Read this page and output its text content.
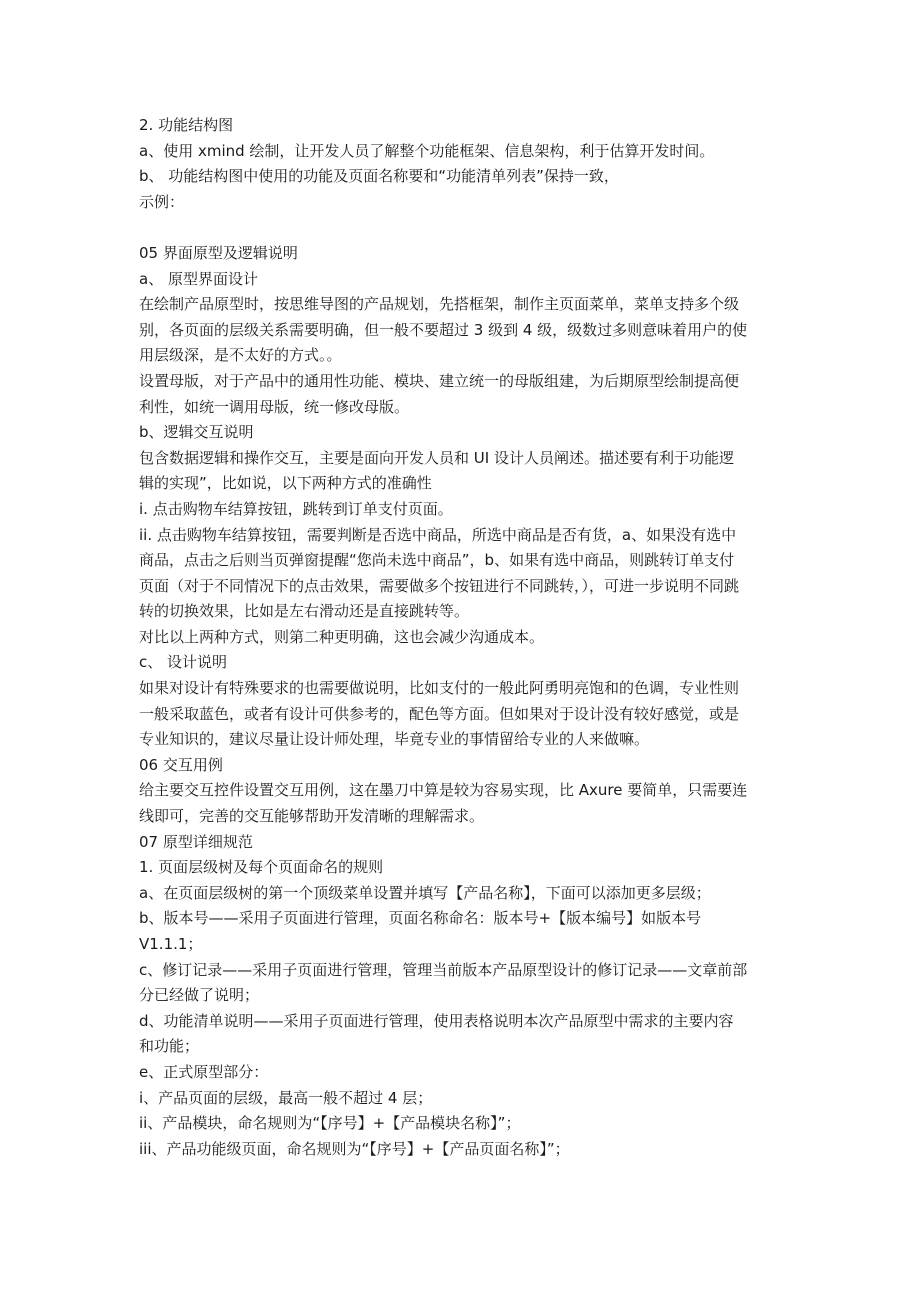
2. 功能结构图
a、使用 xmind 绘制，让开发人员了解整个功能框架、信息架构，利于估算开发时间。
b、 功能结构图中使用的功能及页面名称要和“功能清单列表”保持一致，
示例：
05 界面原型及逻辑说明
a、 原型界面设计
在绘制产品原型时，按思维导图的产品规划，先搭框架，制作主页面菜单，菜单支持多个级
别，各页面的层级关系需要明确，但一般不要超过 3 级到 4 级，级数过多则意味着用户的使
用层级深，是不太好的方式。。
设置母版，对于产品中的通用性功能、模块、建立统一的母版组建，为后期原型绘制提高便
利性，如统一调用母版，统一修改母版。
b、逻辑交互说明
包含数据逻辑和操作交互，主要是面向开发人员和 UI 设计人员阐述。描述要有利于功能逻
辑的实现”，比如说，以下两种方式的准确性
i. 点击购物车结算按钮，跳转到订单支付页面。
ii. 点击购物车结算按钮，需要判断是否选中商品，所选中商品是否有货，a、如果没有选中
商品，点击之后则当页弹窗提醒“您尚未选中商品”，b、如果有选中商品，则跳转订单支付
页面（对于不同情况下的点击效果，需要做多个按钮进行不同跳转，），可进一步说明不同跳
转的切换效果，比如是左右滑动还是直接跳转等。
对比以上两种方式，则第二种更明确，这也会减少沟通成本。
c、 设计说明
如果对设计有特殊要求的也需要做说明，比如支付的一般此阿勇明亮饱和的色调，专业性则
一般采取蓝色，或者有设计可供参考的，配色等方面。但如果对于设计没有较好感觉，或是
专业知识的，建议尽量让设计师处理，毕竟专业的事情留给专业的人来做嘛。
06 交互用例
给主要交互控件设置交互用例，这在墨刀中算是较为容易实现，比 Axure 要简单，只需要连
线即可，完善的交互能够帮助开发清晰的理解需求。
07 原型详细规范
1. 页面层级树及每个页面命名的规则
a、在页面层级树的第一个顶级菜单设置并填写【产品名称】，下面可以添加更多层级；
b、版本号——采用子页面进行管理，页面名称命名：版本号+【版本编号】如版本号
V1.1.1；
c、修订记录——采用子页面进行管理，管理当前版本产品原型设计的修订记录——文章前部
分已经做了说明；
d、功能清单说明——采用子页面进行管理，使用表格说明本次产品原型中需求的主要内容
和功能；
e、正式原型部分：
i、产品页面的层级，最高一般不超过 4 层；
ii、产品模块，命名规则为“【序号】+【产品模块名称】”；
iii、产品功能级页面，命名规则为“【序号】+【产品页面名称】”；
